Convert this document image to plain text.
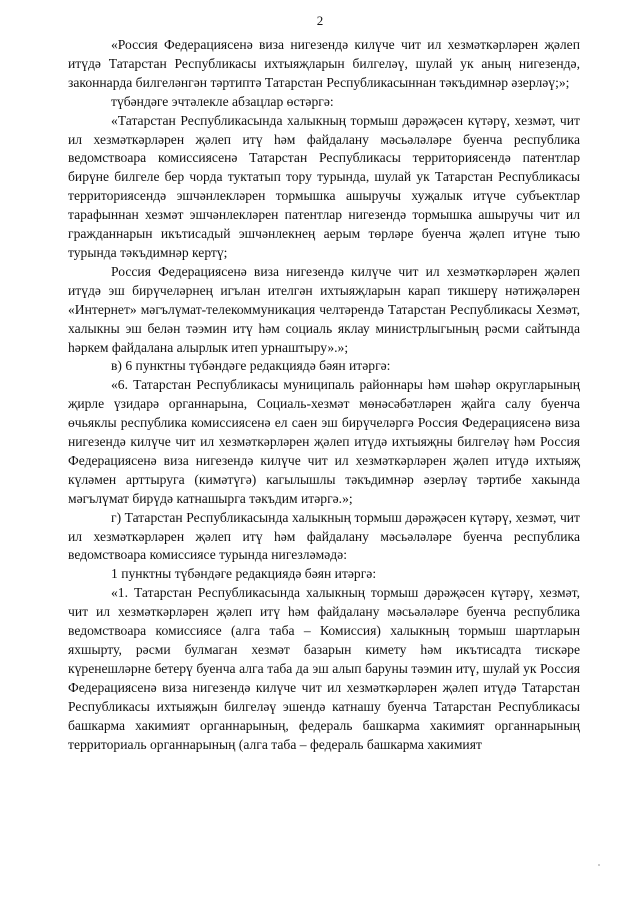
2

«Россия Федерациясенә виза нигезендә килүче чит ил хезмәткәрләрен җәлеп итүдә Татарстан Республикасы ихтыяҗларын билгеләү, шулай ук аның нигезендә, законнарда билгеләнгән тәртиптә Татарстан Республикасыннан тәкъдимнәр әзерләү;»;

түбәндәге эчтәлекле абзацлар өстәргә:

«Татарстан Республикасында халыкның тормыш дәрәҗәсен күтәрү, хезмәт, чит ил хезмәткәрләрен җәлеп итү һәм файдалану мәсьәләләре буенча республика ведомствоара комиссиясенә Татарстан Республикасы территориясендә патентлар бирүне билгеле бер чорда туктатып тору турында, шулай ук Татарстан Республикасы территориясендә эшчәнлекләрен тормышка ашыручы хуҗалык итүче субъектлар тарафыннан хезмәт эшчәнлекләрен патентлар нигезендә тормышка ашыручы чит ил гражданнарын икътисадый эшчәнлекнең аерым төрләре буенча җәлеп итүне тыю турында тәкъдимнәр кертү;

Россия Федерациясенә виза нигезендә килүче чит ил хезмәткәрләрен җәлеп итүдә эш бирүчеләрнең игълан ителгән ихтыяҗларын карап тикшерү нәтиҗәләрен «Интернет» мәгълүмат-телекоммуникация челтәрендә Татарстан Республикасы Хезмәт, халыкны эш белән тәэмин итү һәм социаль яклау министрлыгының рәсми сайтында һәркем файдалана алырлык итеп урнаштыру».»;

в) 6 пунктны түбәндәге редакциядә бәян итәргә:

«6. Татарстан Республикасы муниципаль районнары һәм шәһәр округларының җирле үзидарә органнарына, Социаль-хезмәт мөнәсәбәтләрен җайга салу буенча өчьяклы республика комиссиясенә ел саен эш бирүчеләргә Россия Федерациясенә виза нигезендә килүче чит ил хезмәткәрләрен җәлеп итүдә ихтыяҗны билгеләү һәм Россия Федерациясенә виза нигезендә килүче чит ил хезмәткәрләрен җәлеп итүдә ихтыяҗ күләмен арттыруга (кимәтүгә) кагылышлы тәкъдимнәр әзерләү тәртибе хакында мәгълүмат бирүдә катнашырга тәкъдим итәргә.»;

г) Татарстан Республикасында халыкның тормыш дәрәҗәсен күтәрү, хезмәт, чит ил хезмәткәрләрен җәлеп итү һәм файдалану мәсьәләләре буенча республика ведомствоара комиссиясе турында нигезләмәдә:

1 пунктны түбәндәге редакциядә бәян итәргә:

«1. Татарстан Республикасында халыкның тормыш дәрәҗәсен күтәрү, хезмәт, чит ил хезмәткәрләрен җәлеп итү һәм файдалану мәсьәләләре буенча республика ведомствоара комиссиясе (алга таба – Комиссия) халыкның тормыш шартларын яхшырту, рәсми булмаган хезмәт базарын кимету һәм икътисадта тискәре күренешләрне бетерү буенча алга таба да эш алып баруны тәэмин итү, шулай ук Россия Федерациясенә виза нигезендә килүче чит ил хезмәткәрләрен җәлеп итүдә Татарстан Республикасы ихтыяҗын билгеләү эшендә катнашу буенча Татарстан Республикасы башкарма хакимият органнарының, федераль башкарма хакимият органнарының территориаль органнарының (алга таба – федераль башкарма хакимият
